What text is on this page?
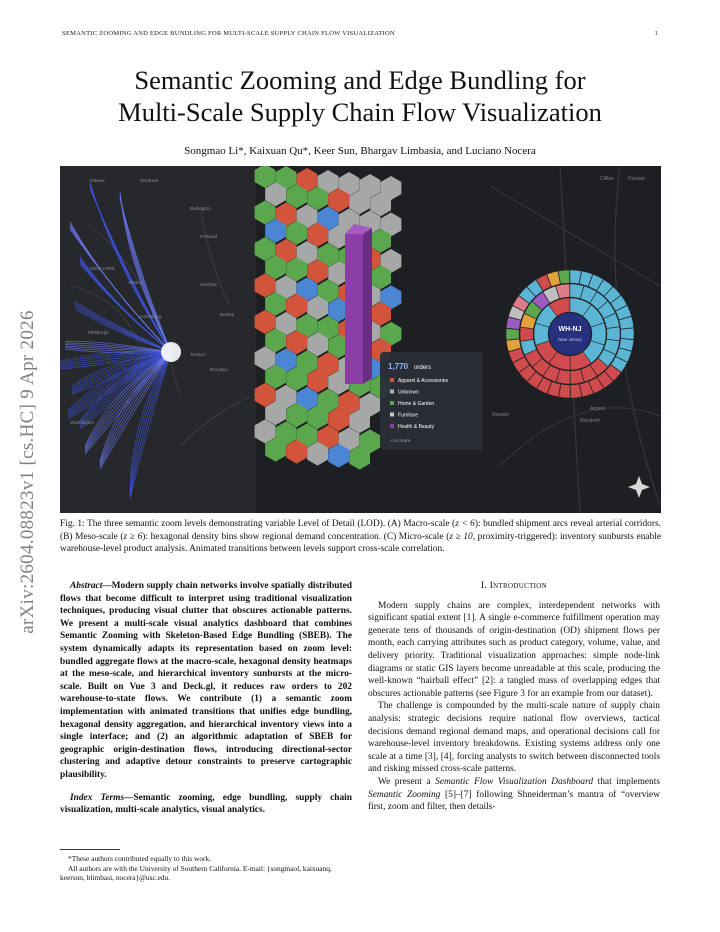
SEMANTIC ZOOMING AND EDGE BUNDLING FOR MULTI-SCALE SUPPLY CHAIN FLOW VISUALIZATION	1
arXiv:2604.08823v1 [cs.HC] 9 Apr 2026
Semantic Zooming and Edge Bundling for
Multi-Scale Supply Chain Flow Visualization
Songmao Li*, Kaixuan Qu*, Keer Sun, Bhargav Limbasia, and Luciano Nocera
Ottawa	Montreal
Burlington
Portland
NEW YORK
Albany	Hartford
Boston
Pittsburgh
Harrisburg
Trenton
Brooklyn
Washington
1,770 orders
Apparel & Accessories
Unknown
Home & Garden
Furniture
Health & Beauty
+14 more
Clifton	Passaic
Newark
Airport
Elizabeth
WH-NJ
New Jersey
Fig. 1: The three semantic zoom levels demonstrating variable Level of Detail (LOD). (A) Macro-scale (z < 6): bundled shipment arcs reveal arterial corridors. (B) Meso-scale (z ≥ 6): hexagonal density bins show regional demand concentration. (C) Micro-scale (z ≥ 10, proximity-triggered): inventory sunbursts enable warehouse-level product analysis. Animated transitions between levels support cross-scale correlation.

Abstract—Modern supply chain networks involve spatially distributed flows that become difficult to interpret using traditional visualization techniques, producing visual clutter that obscures actionable patterns. We present a multi-scale visual analytics dashboard that combines Semantic Zooming with Skeleton-Based Edge Bundling (SBEB). The system dynamically adapts its representation based on zoom level: bundled aggregate flows at the macro-scale, hexagonal density heatmaps at the meso-scale, and hierarchical inventory sunbursts at the micro-scale. Built on Vue 3 and Deck.gl, it reduces raw orders to 202 warehouse-to-state flows. We contribute (1) a semantic zoom implementation with animated transitions that unifies edge bundling, hexagonal density aggregation, and hierarchical inventory views into a single interface; and (2) an algorithmic adaptation of SBEB for geographic origin-destination flows, introducing directional-sector clustering and adaptive detour constraints to preserve cartographic plausibility.

Index Terms—Semantic zooming, edge bundling, supply chain visualization, multi-scale analytics, visual analytics.

*These authors contributed equally to this work.

All authors are with the University of Southern California. E-mail: {songmaol, kaixuanq, keersun, blimbasi, nocera}@usc.edu.

I. Introduction

Modern supply chains are complex, interdependent networks with significant spatial extent [1]. A single e-commerce fulfillment operation may generate tens of thousands of origin-destination (OD) shipment flows per month, each carrying attributes such as product category, volume, value, and delivery priority. Traditional visualization approaches: simple node-link diagrams or static GIS layers become unreadable at this scale, producing the well-known “hairball effect” [2]: a tangled mass of overlapping edges that obscures actionable patterns (see Figure 3 for an example from our dataset).

The challenge is compounded by the multi-scale nature of supply chain analysis: strategic decisions require national flow overviews, tactical decisions demand regional demand maps, and operational decisions call for warehouse-level inventory breakdowns. Existing systems address only one scale at a time [3], [4], forcing analysts to switch between disconnected tools and risking missed cross-scale patterns.

We present a Semantic Flow Visualization Dashboard that implements Semantic Zooming [5]–[7] following Shneiderman’s mantra of “overview first, zoom and filter, then details-
